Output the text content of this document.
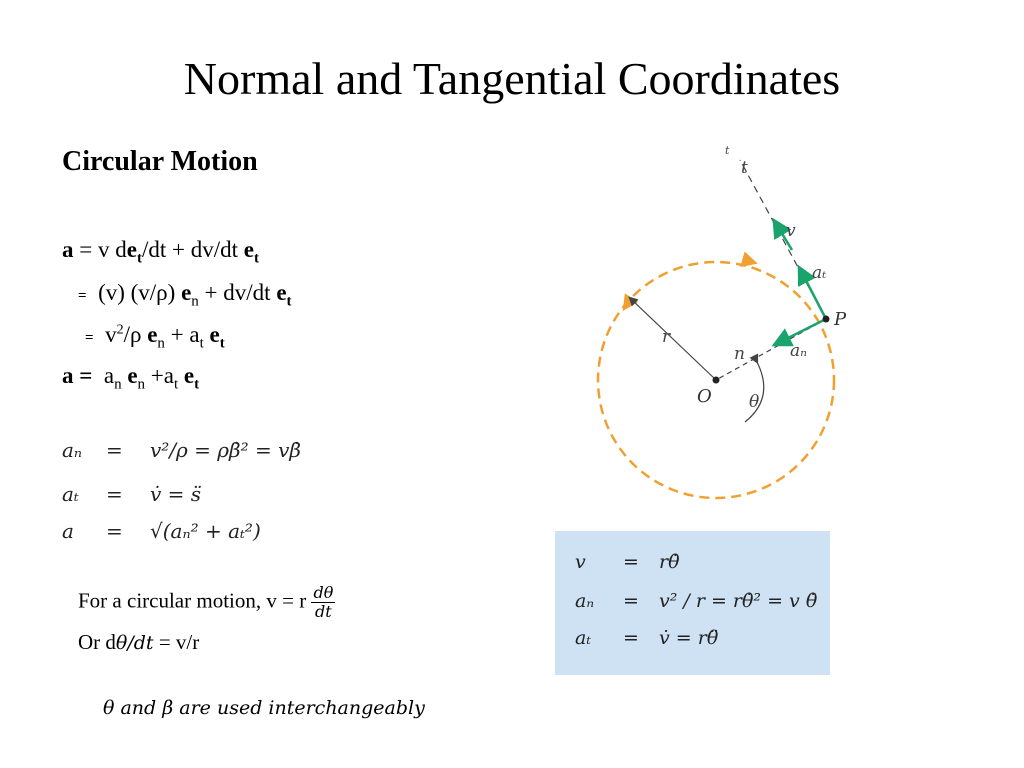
Normal and Tangential Coordinates
Circular Motion
a = v $de_t/dt + dv/dt$ $e_t$
= (v) (v/ρ) $e_n + dv/dt$ $e_t$
= $v^2/\rho$ $e_n + a_t$ $e_t$
$a = a_n$ $e_n +a_t$ $e_t$
aₙ = v²/ρ = ρβ̇² = vβ̇
aₜ = v̇ = s̈
a = √(aₙ² + aₜ²)
For a circular motion, v = r $\frac{d\theta}{dt}$
Or dθ/dt = v/r
θ and β are used interchangeably
v = rθ̇
aₙ = v² / r = rθ̇² = v θ̇
aₜ = v̇ = rθ̈
t
t
v
aₜ
P
r
n	aₙ
O θ
